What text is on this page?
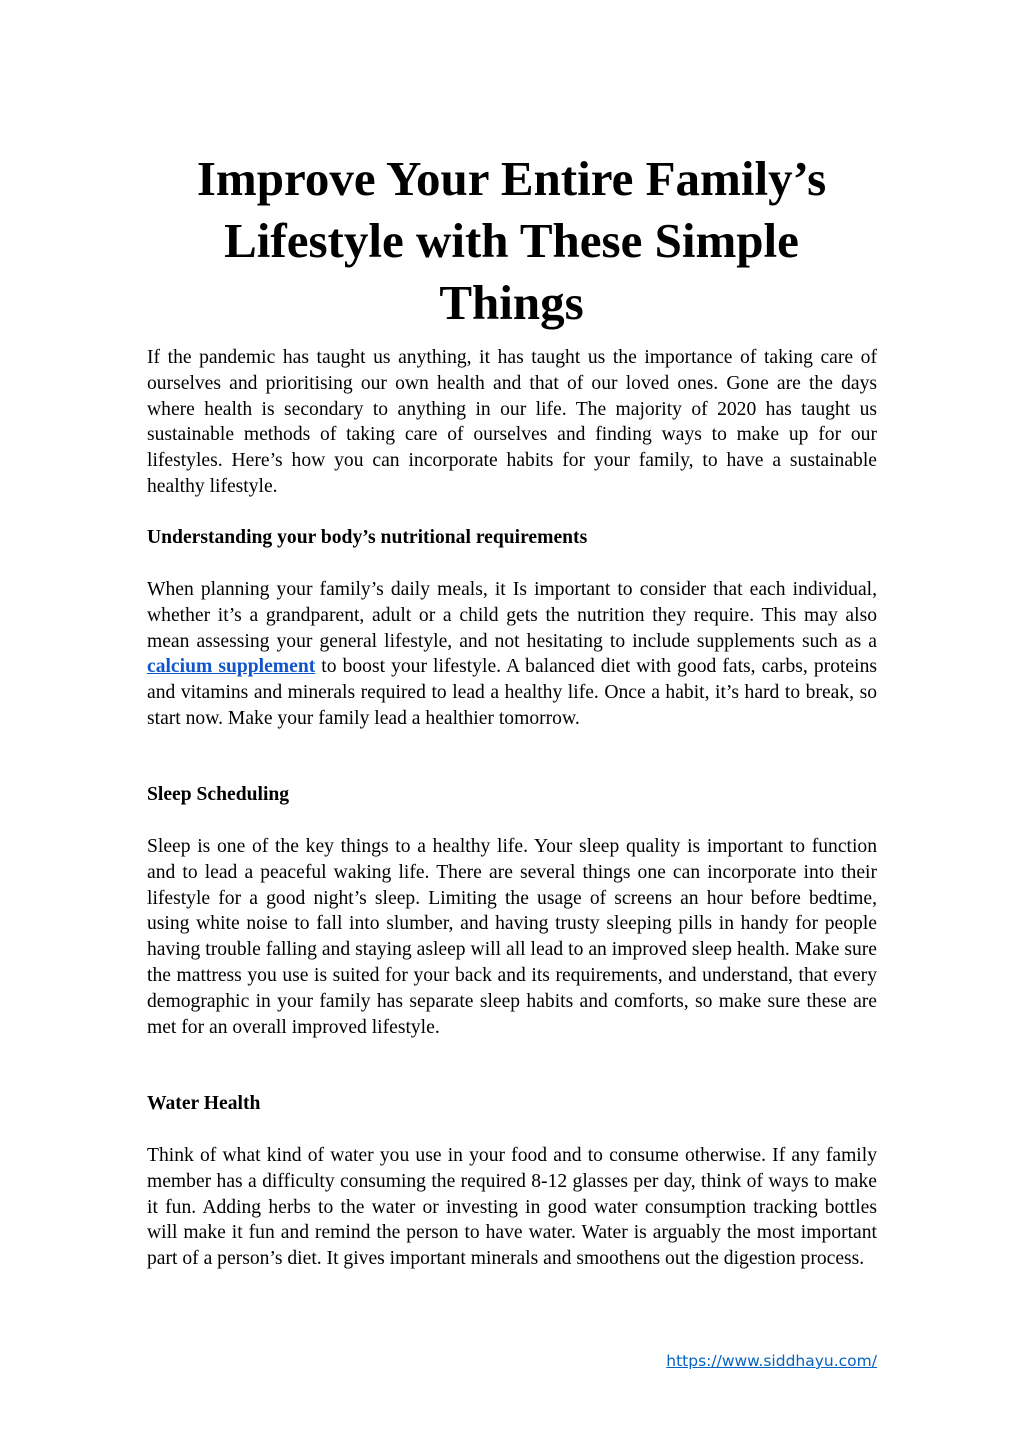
Improve Your Entire Family’s
Lifestyle with These Simple
Things

If the pandemic has taught us anything, it has taught us the importance of taking care of ourselves and prioritising our own health and that of our loved ones. Gone are the days where health is secondary to anything in our life. The majority of 2020 has taught us sustainable methods of taking care of ourselves and finding ways to make up for our lifestyles. Here’s how you can incorporate habits for your family, to have a sustainable healthy lifestyle.

Understanding your body’s nutritional requirements

When planning your family’s daily meals, it Is important to consider that each individual, whether it’s a grandparent, adult or a child gets the nutrition they require. This may also mean assessing your general lifestyle, and not hesitating to include supplements such as a calcium supplement to boost your lifestyle. A balanced diet with good fats, carbs, proteins and vitamins and minerals required to lead a healthy life. Once a habit, it’s hard to break, so start now. Make your family lead a healthier tomorrow.

Sleep Scheduling

Sleep is one of the key things to a healthy life. Your sleep quality is important to function and to lead a peaceful waking life. There are several things one can incorporate into their lifestyle for a good night’s sleep. Limiting the usage of screens an hour before bedtime, using white noise to fall into slumber, and having trusty sleeping pills in handy for people having trouble falling and staying asleep will all lead to an improved sleep health. Make sure the mattress you use is suited for your back and its requirements, and understand, that every demographic in your family has separate sleep habits and comforts, so make sure these are met for an overall improved lifestyle.

Water Health

Think of what kind of water you use in your food and to consume otherwise. If any family member has a difficulty consuming the required 8-12 glasses per day, think of ways to make it fun. Adding herbs to the water or investing in good water consumption tracking bottles will make it fun and remind the person to have water. Water is arguably the most important part of a person’s diet. It gives important minerals and smoothens out the digestion process.

https://www.siddhayu.com/
